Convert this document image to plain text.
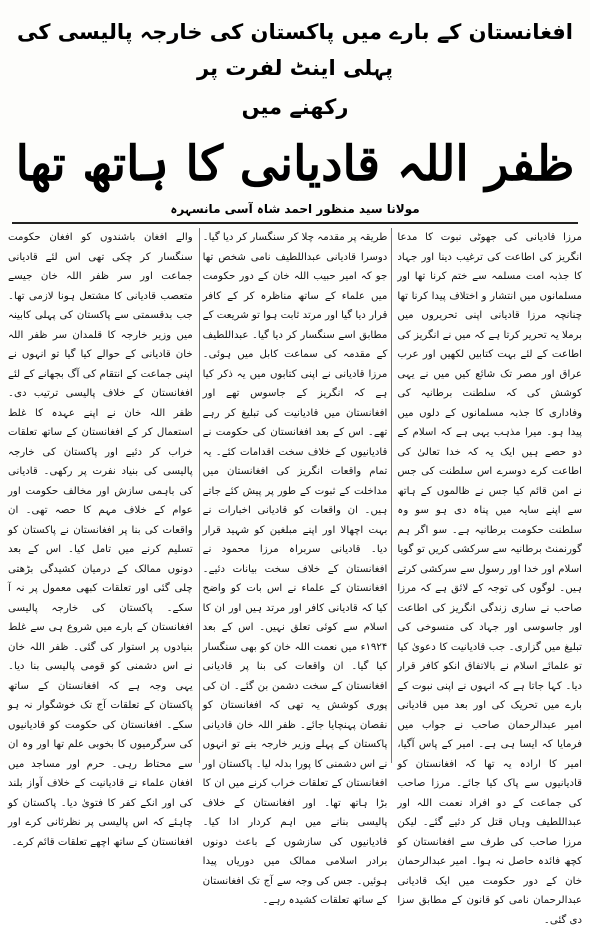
افغانستان کے بارے میں پاکستان کی خارجہ پالیسی کی پہلی اینٹ لفرت پر
رکھنے میں
ظفر اللہ قادیانی کا ہاتھ تھا
مولانا سید منظور احمد شاہ آسی مانسہرہ

مرزا قادیانی کی جھوٹی نبوت کا مدعا انگریز کی اطاعت کی ترغیب دینا اور جہاد کا جذبہ امت مسلمہ سے ختم کرنا تھا اور مسلمانوں میں انتشار و اختلاف پیدا کرنا تھا چنانچہ مرزا قادیانی اپنی تحریروں میں برملا یہ تحریر کرتا ہے کہ میں نے انگریز کی اطاعت کے لئے بہت کتابیں لکھیں اور عرب عراق اور مصر تک شائع کیں میں نے یہی کوشش کی کہ سلطنت برطانیہ کی وفاداری کا جذبہ مسلمانوں کے دلوں میں پیدا ہو۔ میرا مذہب یہی ہے کہ اسلام کے دو حصے ہیں ایک یہ کہ خدا تعالیٰ کی اطاعت کرے دوسرے اس سلطنت کی جس نے امن قائم کیا جس نے ظالموں کے ہاتھ سے اپنے سایہ میں پناہ دی ہو سو وہ سلطنت حکومت برطانیہ ہے۔ سو اگر ہم گورنمنٹ برطانیہ سے سرکشی کریں تو گویا اسلام اور خدا اور رسول سے سرکشی کرتے ہیں۔ لوگوں کی توجہ کے لائق ہے کہ مرزا صاحب نے ساری زندگی انگریز کی اطاعت اور جاسوسی اور جہاد کی منسوخی کی تبلیغ میں گزاری۔ جب قادیانیت کا دعویٰ کیا تو علمائے اسلام نے بالاتفاق انکو کافر قرار دیا۔ کہا جاتا ہے کہ انہوں نے اپنی نبوت کے بارے میں تحریک کی اور بعد میں قادیانی امیر عبدالرحمان صاحب نے جواب میں فرمایا کہ ایسا ہی ہے۔ امیر کے پاس آگیا، امیر کا ارادہ یہ تھا کہ افغانستان کو قادیانیوں سے پاک کیا جائے۔ مرزا صاحب کی جماعت کے دو افراد نعمت اللہ اور عبداللطیف وہاں قتل کر دئیے گئے۔ لیکن مرزا صاحب کی طرف سے افغانستان کو کچھ فائدہ حاصل نہ ہوا۔ امیر عبدالرحمان خان کے دور حکومت میں ایک قادیانی عبدالرحمان نامی کو قانون کے مطابق سزا دی گئی۔

طریقہ پر مقدمہ چلا کر سنگسار کر دیا گیا۔ دوسرا قادیانی عبداللطیف نامی شخص تھا جو کہ امیر حبیب اللہ خان کے دور حکومت میں علماء کے ساتھ مناظرہ کر کے کافر قرار دیا گیا اور مرتد ثابت ہوا تو شریعت کے مطابق اسے سنگسار کر دیا گیا۔ عبداللطیف کے مقدمہ کی سماعت کابل میں ہوئی۔ مرزا قادیانی نے اپنی کتابوں میں یہ ذکر کیا ہے کہ انگریز کے جاسوس تھے اور افغانستان میں قادیانیت کی تبلیغ کر رہے تھے۔ اس کے بعد افغانستان کی حکومت نے قادیانیوں کے خلاف سخت اقدامات کئے۔ یہ تمام واقعات انگریز کی افغانستان میں مداخلت کے ثبوت کے طور پر پیش کئے جاتے ہیں۔ ان واقعات کو قادیانی اخبارات نے بہت اچھالا اور اپنے مبلغین کو شہید قرار دیا۔ قادیانی سربراہ مرزا محمود نے افغانستان کے خلاف سخت بیانات دئیے۔ افغانستان کے علماء نے اس بات کو واضح کیا کہ قادیانی کافر اور مرتد ہیں اور ان کا اسلام سے کوئی تعلق نہیں۔ اس کے بعد ۱۹۲۴ء میں نعمت اللہ خان کو بھی سنگسار کیا گیا۔ ان واقعات کی بنا پر قادیانی افغانستان کے سخت دشمن بن گئے۔ ان کی پوری کوشش یہ تھی کہ افغانستان کو نقصان پہنچایا جائے۔ ظفر اللہ خان قادیانی پاکستان کے پہلے وزیر خارجہ بنے تو انہوں نے اس دشمنی کا پورا بدلہ لیا۔ پاکستان اور افغانستان کے تعلقات خراب کرنے میں ان کا بڑا ہاتھ تھا۔ اور افغانستان کے خلاف پالیسی بنانے میں اہم کردار ادا کیا۔ قادیانیوں کی سازشوں کے باعث دونوں برادر اسلامی ممالک میں دوریاں پیدا ہوئیں۔ جس کی وجہ سے آج تک افغانستان کے ساتھ تعلقات کشیدہ رہے۔

والے افغان باشندوں کو افغان حکومت سنگسار کر چکی تھی اس لئے قادیانی جماعت اور سر ظفر اللہ خان جیسے متعصب قادیانی کا مشتعل ہونا لازمی تھا۔ جب بدقسمتی سے پاکستان کی پہلی کابینہ میں وزیر خارجہ کا قلمدان سر ظفر اللہ خان قادیانی کے حوالے کیا گیا تو انہوں نے اپنی جماعت کے انتقام کی آگ بجھانے کے لئے افغانستان کے خلاف پالیسی ترتیب دی۔ ظفر اللہ خان نے اپنے عہدہ کا غلط استعمال کر کے افغانستان کے ساتھ تعلقات خراب کر دئیے اور پاکستان کی خارجہ پالیسی کی بنیاد نفرت پر رکھی۔ قادیانی کی باہمی سازش اور مخالف حکومت اور عوام کے خلاف مہم کا حصہ تھی۔ ان واقعات کی بنا پر افغانستان نے پاکستان کو تسلیم کرنے میں تامل کیا۔ اس کے بعد دونوں ممالک کے درمیان کشیدگی بڑھتی چلی گئی اور تعلقات کبھی معمول پر نہ آ سکے۔ پاکستان کی خارجہ پالیسی افغانستان کے بارے میں شروع ہی سے غلط بنیادوں پر استوار کی گئی۔ ظفر اللہ خان نے اس دشمنی کو قومی پالیسی بنا دیا۔ یہی وجہ ہے کہ افغانستان کے ساتھ پاکستان کے تعلقات آج تک خوشگوار نہ ہو سکے۔ افغانستان کی حکومت کو قادیانیوں کی سرگرمیوں کا بخوبی علم تھا اور وہ ان سے محتاط رہی۔ حرم اور مساجد میں افغان علماء نے قادیانیت کے خلاف آواز بلند کی اور انکے کفر کا فتویٰ دیا۔ پاکستان کو چاہئے کہ اس پالیسی پر نظرثانی کرے اور افغانستان کے ساتھ اچھے تعلقات قائم کرے۔
